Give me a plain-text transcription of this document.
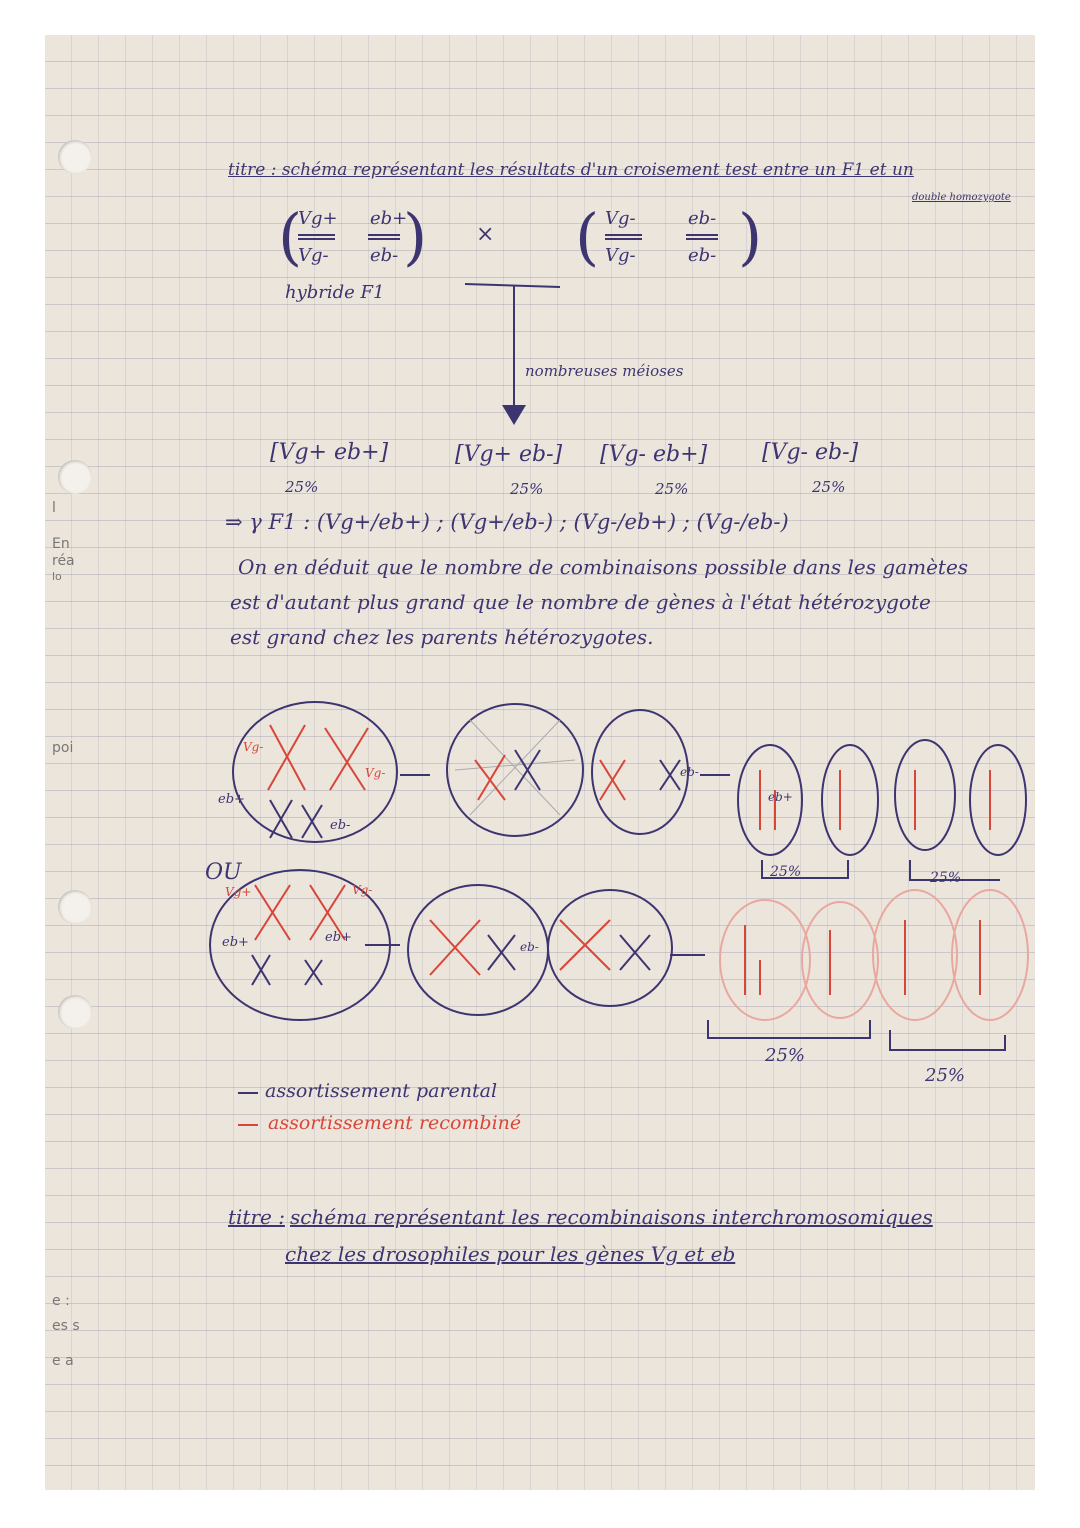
l
En
réa
lo
poi
e :
es s
e a
titre : schéma représentant les résultats d'un croisement test entre un F1 et un
double homozygote
(
Vg+
Vg-
eb+
eb- ) × ( Vg-
Vg-
eb-
eb- )
hybride F1
[Vg+ eb+]	[Vg+ eb-] [Vg- eb+] [Vg- eb-]
25%	25%	25%	25%
nombreuses méioses
⇒ γ F1 : (Vg+/eb+) ; (Vg+/eb-) ; (Vg-/eb+) ; (Vg-/eb-)
On en déduit que le nombre de combinaisons possible dans les gamètes
est d'autant plus grand que le nombre de gènes à l'état hétérozygote
est grand chez les parents hétérozygotes.
Vg-
Vg-
eb+
eb-
OU
Vg+	Vg-
eb+	eb+
eb-
eb-
eb+
25%	25%
25%
25%
assortissement parental
assortissement recombiné
titre : schéma représentant les recombinaisons interchromosomiques
chez les drosophiles pour les gènes Vg et eb
